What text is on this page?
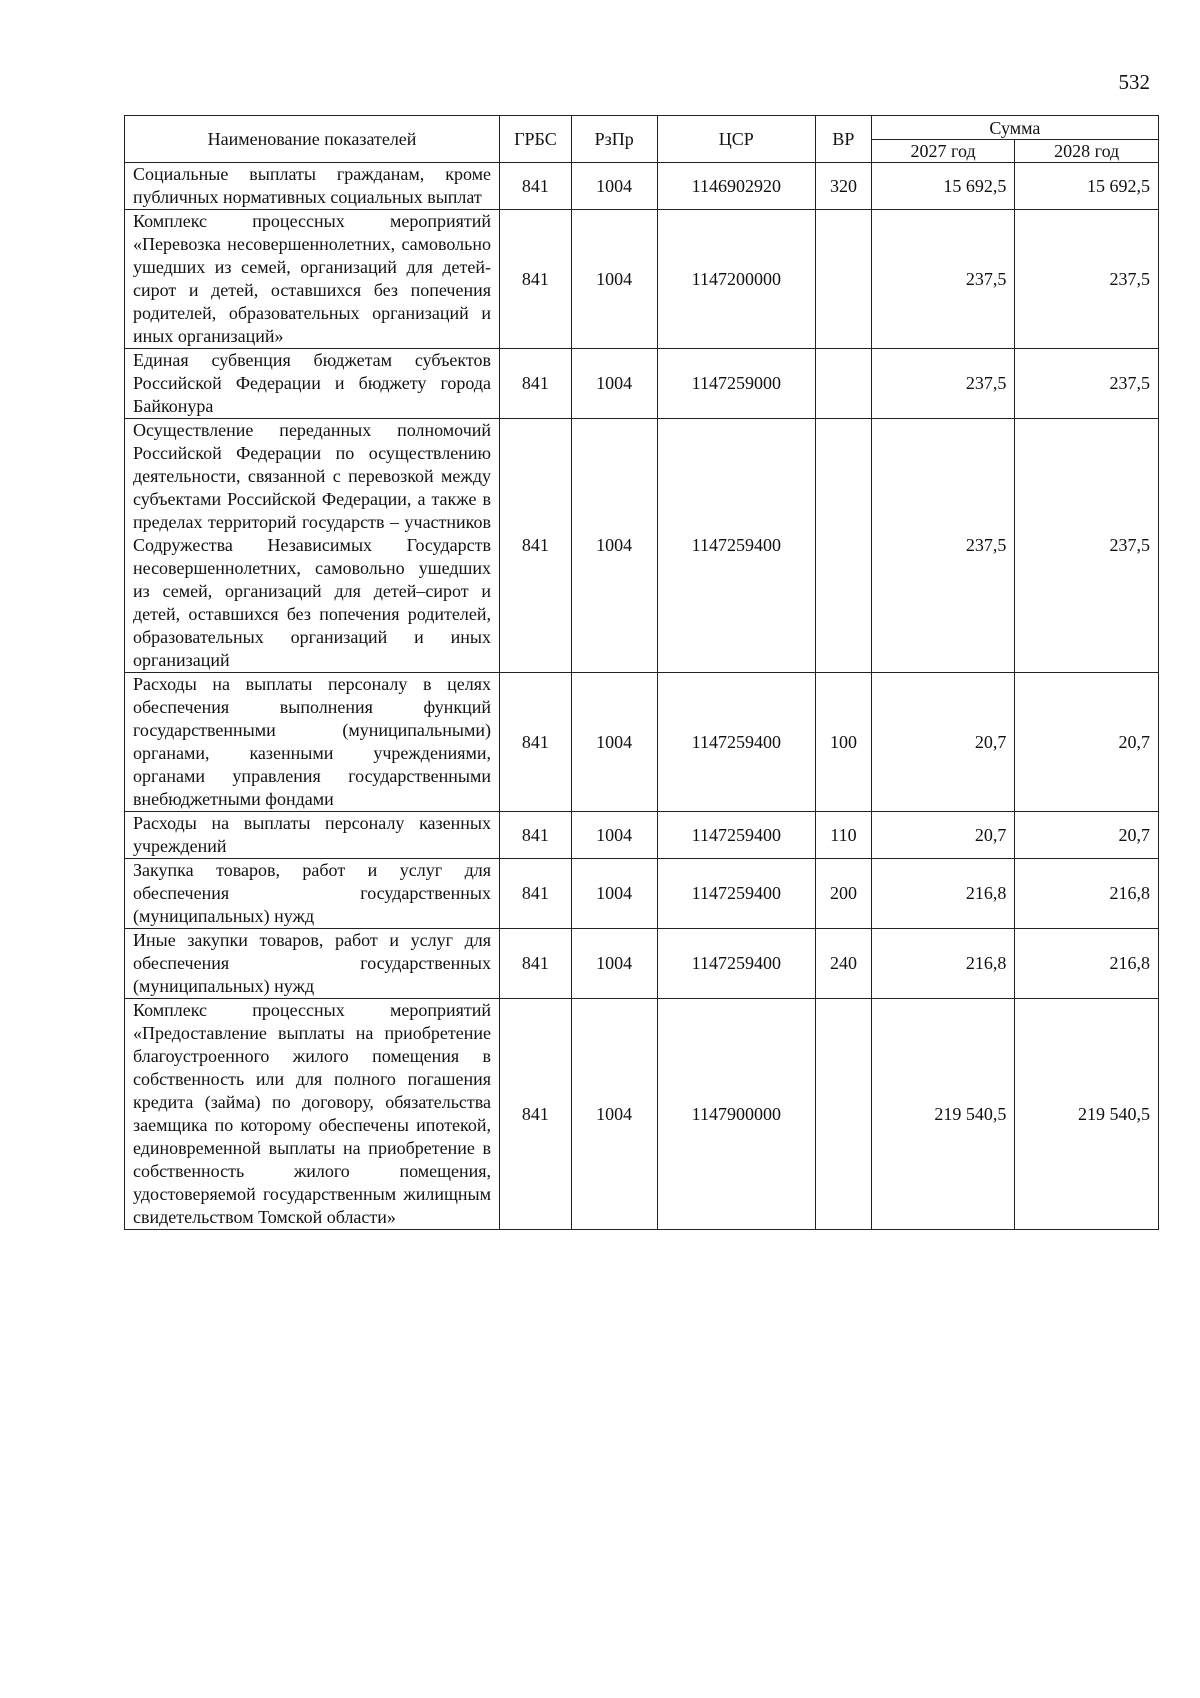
532
Наименование показателей	ГРБС	РзПр	ЦСР	ВР	Сумма	
					2027 год	2028 год
Социальные выплаты гражданам, кроме публичных нормативных социальных выплат	841	1004	1146902920	320	15 692,5	15 692,5
Комплекс процессных мероприятий «Перевозка несовершеннолетних, самовольно ушедших из семей, организаций для детей-сирот и детей, оставшихся без попечения родителей, образовательных организаций и иных организаций»	841	1004	1147200000		237,5	237,5
Единая субвенция бюджетам субъектов Российской Федерации и бюджету города Байконура	841	1004	1147259000		237,5	237,5
Осуществление переданных полномочий Российской Федерации по осуществлению деятельности, связанной с перевозкой между субъектами Российской Федерации, а также в пределах территорий государств – участников Содружества Независимых Государств несовершеннолетних, самовольно ушедших из семей, организаций для детей–сирот и детей, оставшихся без попечения родителей, образовательных организаций и иных организаций	841	1004	1147259400		237,5	237,5
Расходы на выплаты персоналу в целях обеспечения выполнения функций государственными (муниципальными) органами, казенными учреждениями, органами управления государственными внебюджетными фондами	841	1004	1147259400	100	20,7	20,7
Расходы на выплаты персоналу казенных учреждений	841	1004	1147259400	110	20,7	20,7
Закупка товаров, работ и услуг для обеспечения государственных (муниципальных) нужд	841	1004	1147259400	200	216,8	216,8
Иные закупки товаров, работ и услуг для обеспечения государственных (муниципальных) нужд	841	1004	1147259400	240	216,8	216,8
Комплекс процессных мероприятий «Предоставление выплаты на приобретение благоустроенного жилого помещения в собственность или для полного погашения кредита (займа) по договору, обязательства заемщика по которому обеспечены ипотекой, единовременной выплаты на приобретение в собственность жилого помещения, удостоверяемой государственным жилищным свидетельством Томской области»	841	1004	1147900000		219 540,5	219 540,5
